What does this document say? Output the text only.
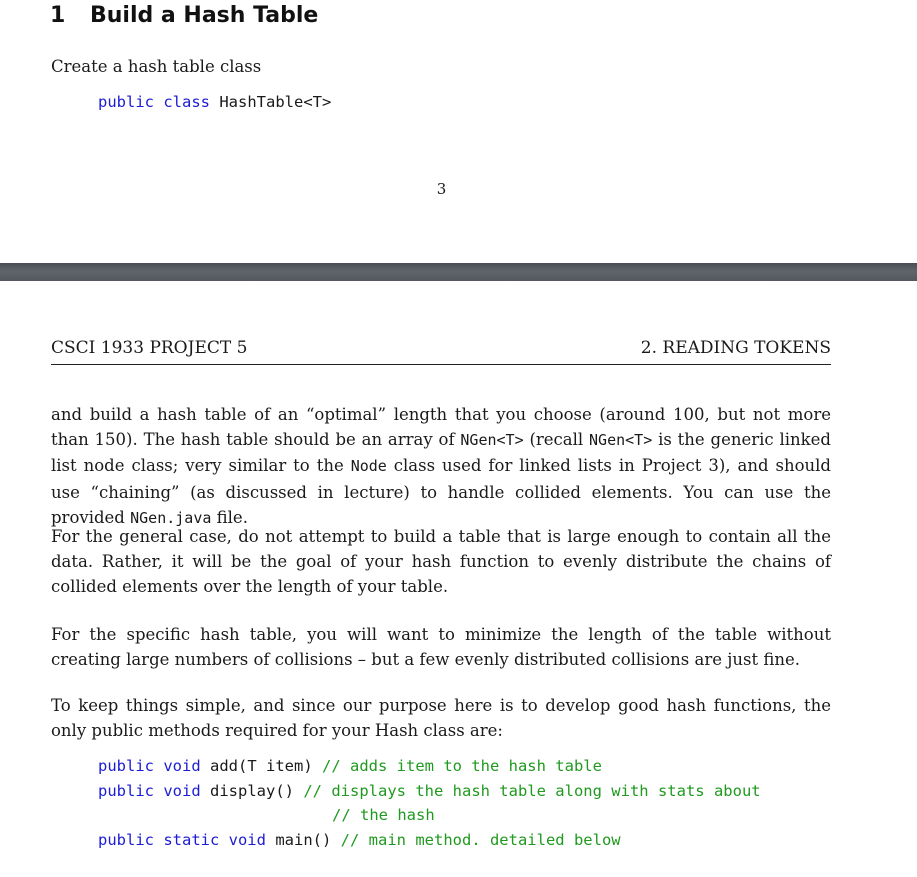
1 Build a Hash Table

Create a hash table class

public class HashTable<T>
3
CSCI 1933 PROJECT 5	2. READING TOKENS

and build a hash table of an “optimal” length that you choose (around 100, but not more than 150). The hash table should be an array of NGen<T> (recall NGen<T> is the generic linked list node class; very similar to the Node class used for linked lists in Project 3), and should use “chaining” (as discussed in lecture) to handle collided elements. You can use the provided NGen.java file.

For the general case, do not attempt to build a table that is large enough to contain all the data. Rather, it will be the goal of your hash function to evenly distribute the chains of collided elements over the length of your table.

For the specific hash table, you will want to minimize the length of the table without creating large numbers of collisions – but a few evenly distributed collisions are just fine.

To keep things simple, and since our purpose here is to develop good hash functions, the only public methods required for your Hash class are:

public void add(T item) // adds item to the hash table
public void display() // displays the hash table along with stats about
// the hash
public static void main() // main method. detailed below
